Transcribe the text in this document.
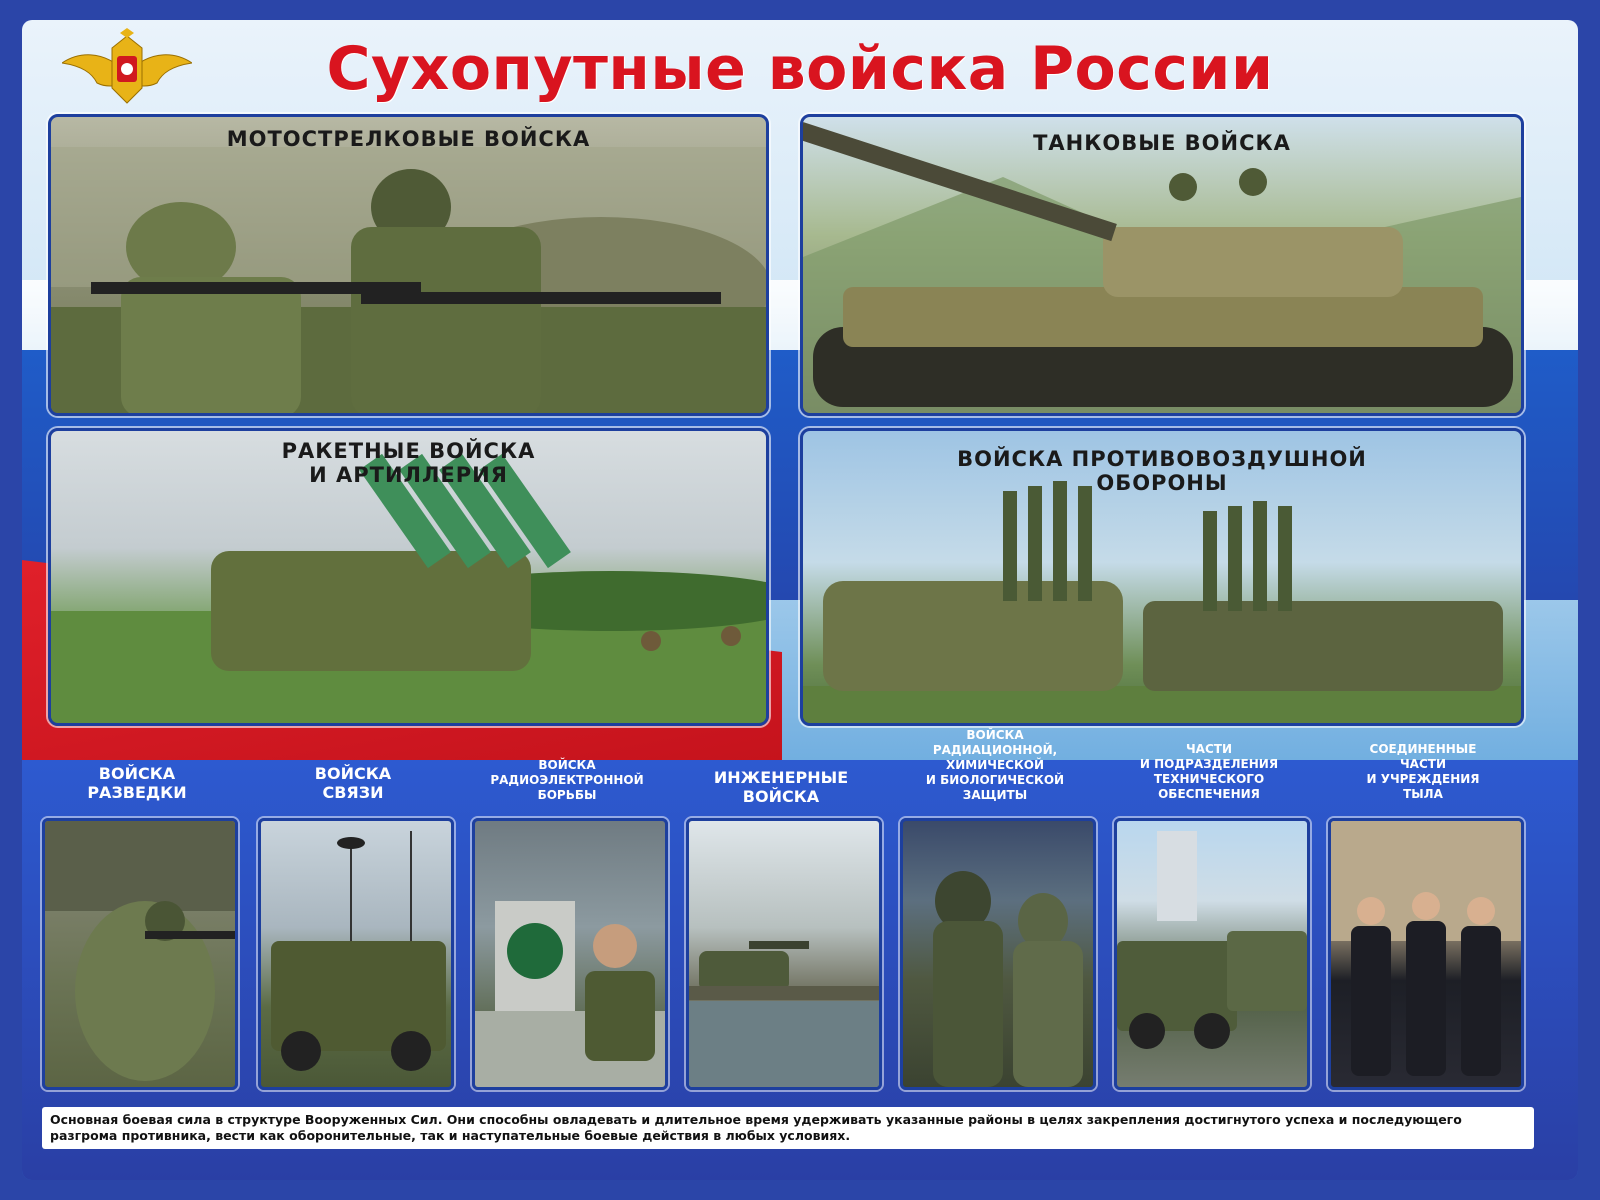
Сухопутные войска России
МОТОСТРЕЛКОВЫЕ ВОЙСКА	ТАНКОВЫЕ ВОЙСКА
РАКЕТНЫЕ ВОЙСКА
И АРТИЛЛЕРИЯ
ВОЙСКА ПРОТИВОВОЗДУШНОЙ
ОБОРОНЫ
ВОЙСКА
РАЗВЕДКИ
ВОЙСКА
СВЯЗИ
ВОЙСКА
РАДИОЭЛЕКТРОННОЙ
БОРЬБЫ
ИНЖЕНЕРНЫЕ
ВОЙСКА
ВОЙСКА
РАДИАЦИОННОЙ,
ХИМИЧЕСКОЙ
И БИОЛОГИЧЕСКОЙ
ЗАЩИТЫ
ЧАСТИ
И ПОДРАЗДЕЛЕНИЯ
ТЕХНИЧЕСКОГО
ОБЕСПЕЧЕНИЯ
СОЕДИНЕННЫЕ
ЧАСТИ
И УЧРЕЖДЕНИЯ
ТЫЛА
Основная боевая сила в структуре Вооруженных Сил. Они способны овладевать и длительное время удерживать указанные районы в целях закрепления достигнутого успеха и последующего разгрома противника, вести как оборонительные, так и наступательные боевые действия в любых условиях.
